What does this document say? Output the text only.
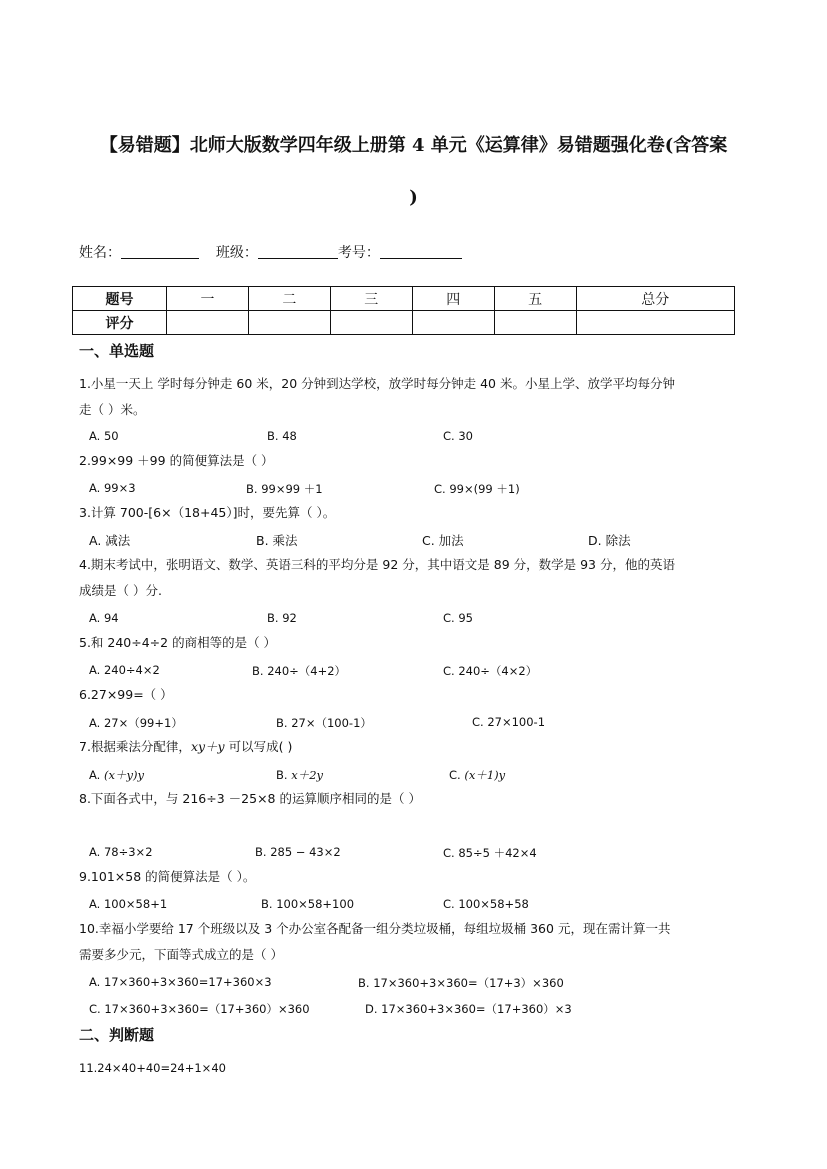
【易错题】北师大版数学四年级上册第 4 单元《运算律》易错题强化卷(含答案
)
姓名：	班级：	考号：
题号	一	二	三	四	五	总分
评分						
一、单选题
1.小星一天上 学时每分钟走 60 米，20 分钟到达学校，放学时每分钟走 40 米。小星上学、放学平均每分钟
走（ ）米。
A. 50	B. 48	C. 30
2.99×99 ＋99 的简便算法是（ ）
A. 99×3	B. 99×99 ＋1	C. 99×(99 ＋1)
3.计算 700-[6×（18+45）]时，要先算（ ）。
A. 减法	B. 乘法	C. 加法	D. 除法
4.期末考试中，张明语文、数学、英语三科的平均分是 92 分，其中语文是 89 分，数学是 93 分，他的英语
成绩是（ ）分.
A. 94	B. 92	C. 95
5.和 240÷4÷2 的商相等的是（ ）
A. 240÷4×2	B. 240÷（4+2）	C. 240÷（4×2）
6.27×99=（ ）
A. 27×（99+1）	B. 27×（100-1）	C. 27×100-1
7.根据乘法分配律，xy＋y 可以写成( )
A. (x＋y)y	B. x＋2y	C. (x＋1)y
8.下面各式中，与 216÷3 －25×8 的运算顺序相同的是（ ）
A. 78÷3×2	B. 285 − 43×2	C. 85÷5 ＋42×4
9.101×58 的简便算法是（ ）。
A. 100×58+1	B. 100×58+100	C. 100×58+58
10.幸福小学要给 17 个班级以及 3 个办公室各配备一组分类垃圾桶，每组垃圾桶 360 元，现在需计算一共
需要多少元，下面等式成立的是（ ）
A. 17×360+3×360=17+360×3	B. 17×360+3×360=（17+3）×360
C. 17×360+3×360=（17+360）×360	D. 17×360+3×360=（17+360）×3
二、判断题
11.24×40+40=24+1×40
